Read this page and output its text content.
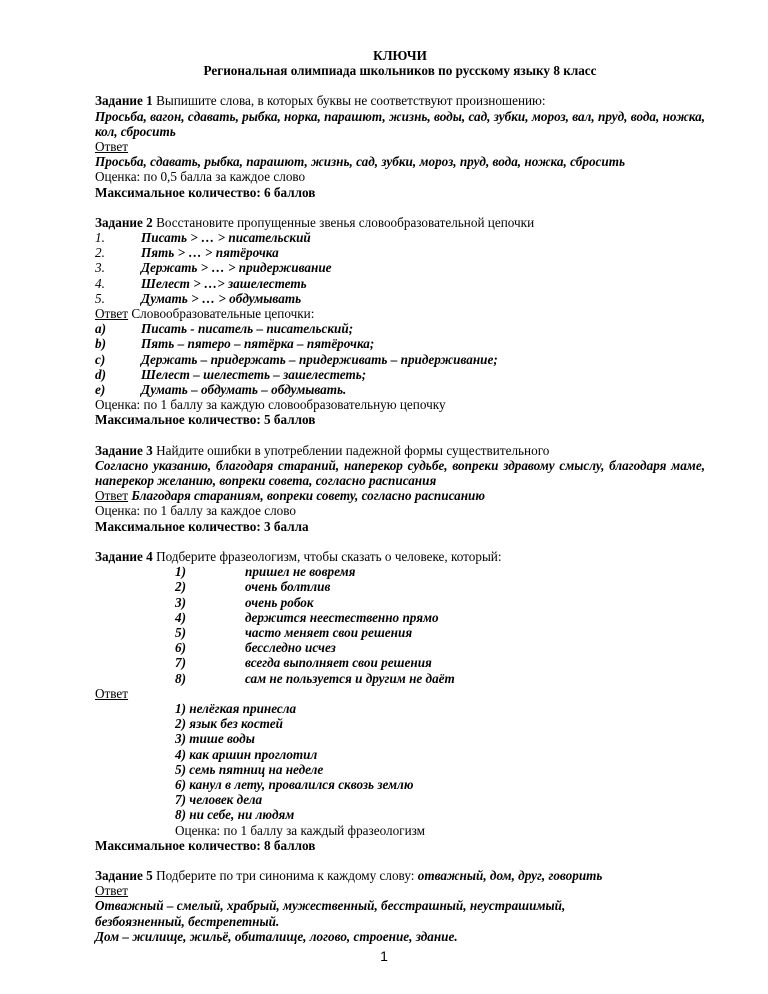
КЛЮЧИ
Региональная олимпиада школьников по русскому языку 8 класс
Задание 1 Выпишите слова, в которых буквы не соответствуют произношению:
Просьба, вагон, сдавать, рыбка, норка, парашют, жизнь, воды, сад, зубки, мороз, вал, пруд, вода, ножка, кол, сбросить
Ответ
Просьба, сдавать, рыбка, парашют, жизнь, сад, зубки, мороз, пруд, вода, ножка, сбросить
Оценка: по 0,5 балла за каждое слово
Максимальное количество: 6 баллов
Задание 2 Восстановите пропущенные звенья словообразовательной цепочки
1.	Писать > … > писательский
2.	Пять > … > пятёрочка
3.	Держать > … > придерживание
4.	Шелест > …> зашелестеть
5.	Думать > … > обдумывать
Ответ Словообразовательные цепочки:
a)	Писать - писатель – писательский;
b)	Пять – пятеро – пятёрка – пятёрочка;
c)	Держать – придержать – придерживать – придерживание;
d)	Шелест – шелестеть – зашелестеть;
e)	Думать – обдумать – обдумывать.
Оценка: по 1 баллу за каждую словообразовательную цепочку
Максимальное количество: 5 баллов
Задание 3 Найдите ошибки в употреблении падежной формы существительного
Согласно указанию, благодаря стараний, наперекор судьбе, вопреки здравому смыслу, благодаря маме, наперекор желанию, вопреки совета, согласно расписания
Ответ Благодаря стараниям, вопреки совету, согласно расписанию
Оценка: по 1 баллу за каждое слово
Максимальное количество: 3 балла
Задание 4 Подберите фразеологизм, чтобы сказать о человеке, который:
1)	пришел не вовремя
2)	очень болтлив
3)	очень робок
4)	держится неестественно прямо
5)	часто меняет свои решения
6)	бесследно исчез
7)	всегда выполняет свои решения
8)	сам не пользуется и другим не даёт
Ответ
1) нелёгкая принесла
2) язык без костей
3) тише воды
4) как аршин проглотил
5) семь пятниц на неделе
6) канул в лету, провалился сквозь землю
7) человек дела
8) ни себе, ни людям
Оценка: по 1 баллу за каждый фразеологизм
Максимальное количество: 8 баллов
Задание 5 Подберите по три синонима к каждому слову: отважный, дом, друг, говорить
Ответ
Отважный – смелый, храбрый, мужественный, бесстрашный, неустрашимый,
безбоязненный, бестрепетный.
Дом – жилище, жильё, обиталище, логово, строение, здание.
1
